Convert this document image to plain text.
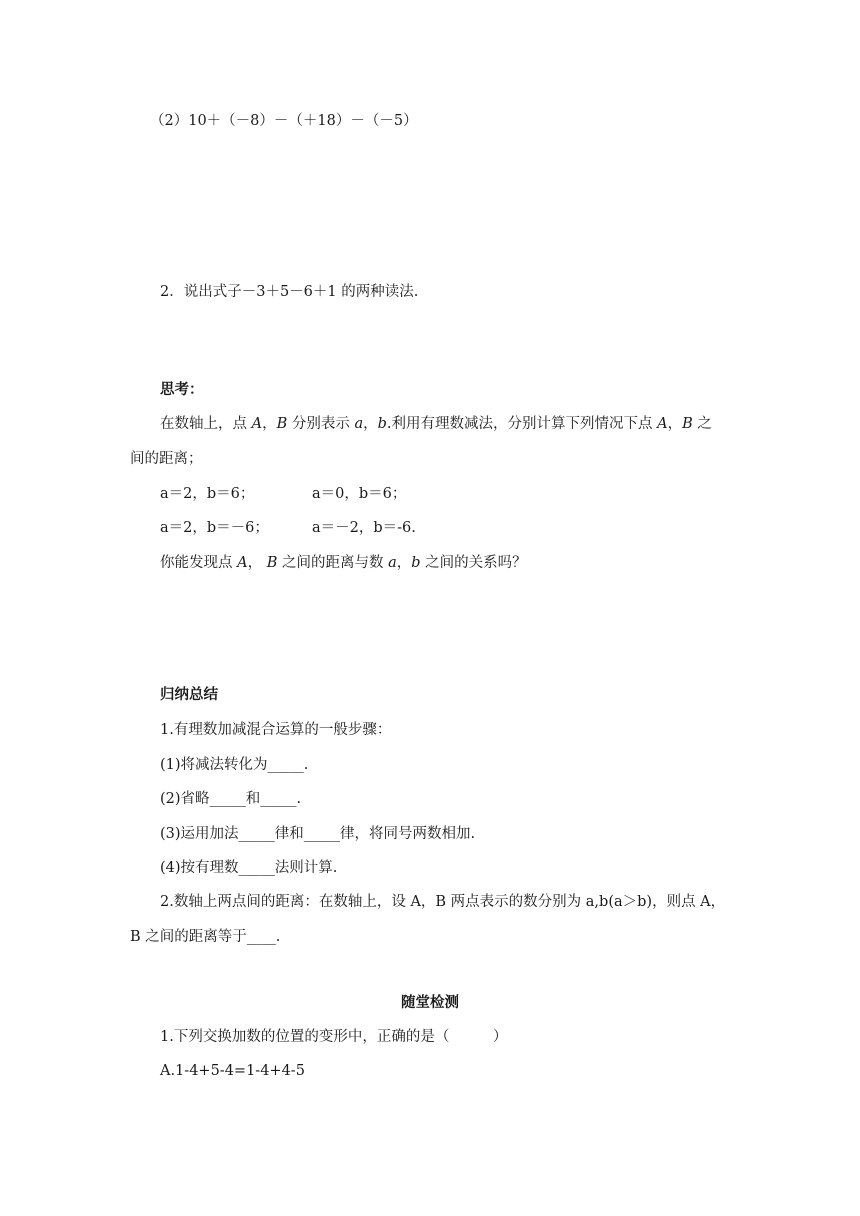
（2）10＋（－8）－（＋18）－（－5）
2．说出式子－3＋5－6＋1 的两种读法.
思考：
在数轴上，点 A，B 分别表示 a，b.利用有理数减法，分别计算下列情况下点 A，B 之
间的距离；
a＝2，b＝6；	a＝0，b＝6；
a＝2，b＝－6；	a＝－2，b＝-6.
你能发现点 A， B 之间的距离与数 a，b 之间的关系吗？
归纳总结
1.有理数加减混合运算的一般步骤：
(1)将减法转化为_____.
(2)省略_____和_____.
(3)运用加法_____律和_____律，将同号两数相加.
(4)按有理数_____法则计算.
2.数轴上两点间的距离：在数轴上，设 A，B 两点表示的数分别为 a,b(a＞b)，则点 A，
B 之间的距离等于____.
随堂检测
1.下列交换加数的位置的变形中，正确的是（　　　）
A.1-4+5-4=1-4+4-5
